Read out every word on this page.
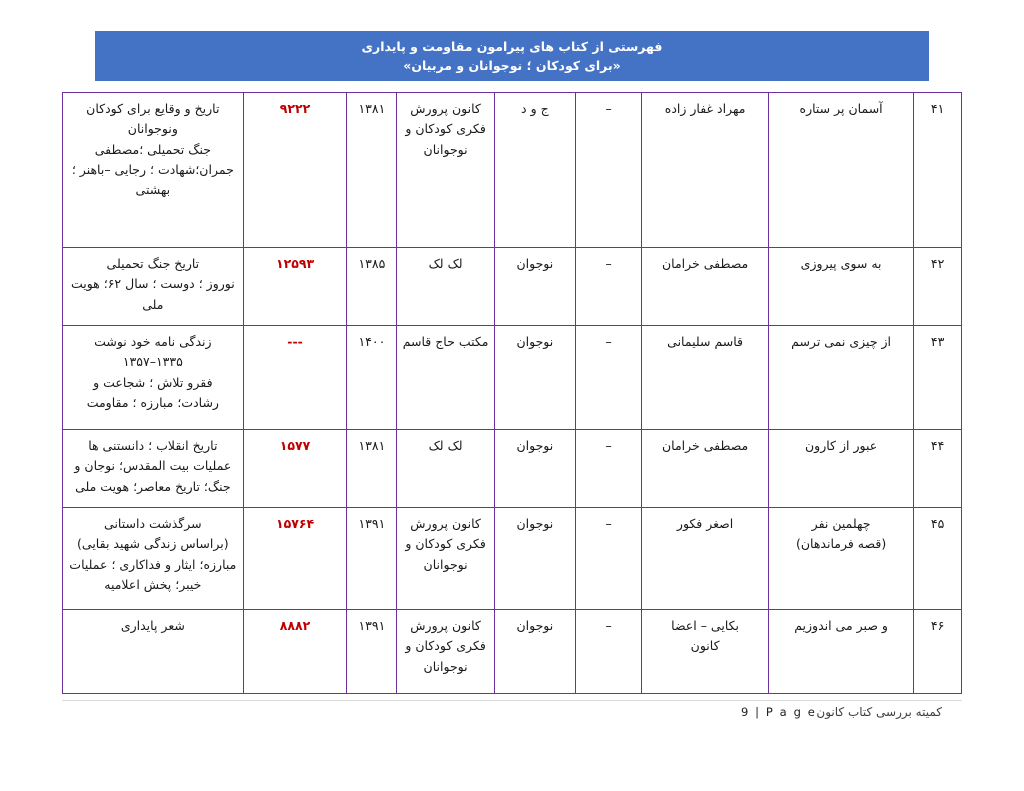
فهرستی از کتاب های پیرامون مقاومت و پایداری
«برای کودکان ؛ نوجوانان و مربیان»
۴۱	آسمان پر ستاره	مهراد غفار زاده	–	ج و د	کانون پرورش
فکری کودکان و
نوجوانان	۱۳۸۱	۹۲۲۲	تاریخ و وقایع برای کودکان
ونوجوانان
جنگ تحمیلی ؛مصطفی
جمران؛شهادت ؛ رجایی –باهنر ؛
بهشتی

۴۲	به سوی پیروزی	مصطفی خرامان	–	نوجوان	لک لک	۱۳۸۵	۱۲۵۹۳	تاریخ جنگ تحمیلی
نوروز ؛ دوست ؛ سال ۶۲؛ هویت
ملی

۴۳	از چیزی نمی ترسم	قاسم سلیمانی	–	نوجوان	مکتب حاج قاسم	۱۴۰۰	---	زندگی نامه خود نوشت
۱۳۳۵–۱۳۵۷
فقرو تلاش ؛ شجاعت و
رشادت؛ مبارزه ؛ مقاومت

۴۴	عبور از کارون	مصطفی خرامان	–	نوجوان	لک لک	۱۳۸۱	۱۵۷۷	تاریخ انقلاب ؛ دانستنی ها
عملیات بیت المقدس؛ نوجان و
جنگ؛ تاریخ معاصر؛ هویت ملی

۴۵	چهلمین نفر
(قصه فرماندهان)	اصغر فکور	–	نوجوان	کانون پرورش
فکری کودکان و
نوجوانان	۱۳۹۱	۱۵۷۶۴	سرگذشت داستانی
(براساس زندگی شهید بقایی)
مبارزه؛ ایثار و فداکاری ؛ عملیات
خیبر؛ پخش اعلامیه

۴۶	و صبر می اندوزیم	بکایی – اعضا
کانون	–	نوجوان	کانون پرورش
فکری کودکان و
نوجوانان	۱۳۹۱	۸۸۸۲	شعر پایداری
کمیته بررسی کتاب کانون
9 | P a g e
